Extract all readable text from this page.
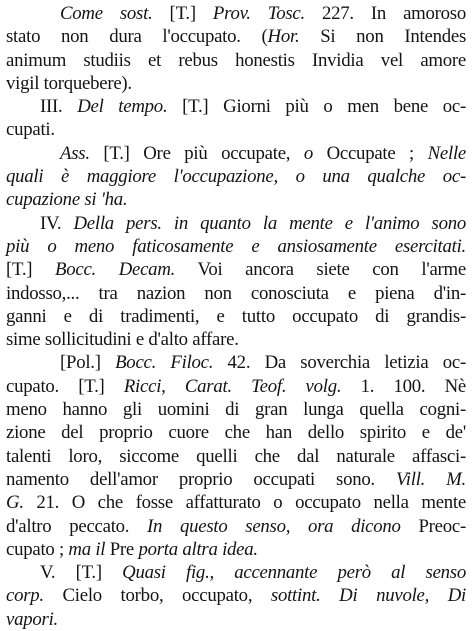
Come sost. [T.] Prov. Tosc. 227. In amoroso
stato non dura l'occupato. (Hor. Si non Intendes
animum studiis et rebus honestis Invidia vel amore
vigil torquebere).
III. Del tempo. [T.] Giorni più o men bene oc-
cupati.
Ass. [T.] Ore più occupate, o Occupate ; Nelle
quali è maggiore l'occupazione, o una qualche oc-
cupazione si 'ha.
IV. Della pers. in quanto la mente e l'animo sono
più o meno faticosamente e ansiosamente esercitati.
[T.] Bocc. Decam. Voi ancora siete con l'arme
indosso,... tra nazion non conosciuta e piena d'in-
ganni e di tradimenti, e tutto occupato di grandis-
sime sollicitudini e d'alto affare.
[Pol.] Bocc. Filoc. 42. Da soverchia letizia oc-
cupato. [T.] Ricci, Carat. Teof. volg. 1. 100. Nè
meno hanno gli uomini di gran lunga quella cogni-
zione del proprio cuore che han dello spirito e de'
talenti loro, siccome quelli che dal naturale affasci-
namento dell'amor proprio occupati sono. Vill. M.
G. 21. O che fosse affatturato o occupato nella mente
d'altro peccato. In questo senso, ora dicono Preoc-
cupato ; ma il Pre porta altra idea.
V. [T.] Quasi fig., accennante però al senso
corp. Cielo torbo, occupato, sottint. Di nuvole, Di
vapori.
